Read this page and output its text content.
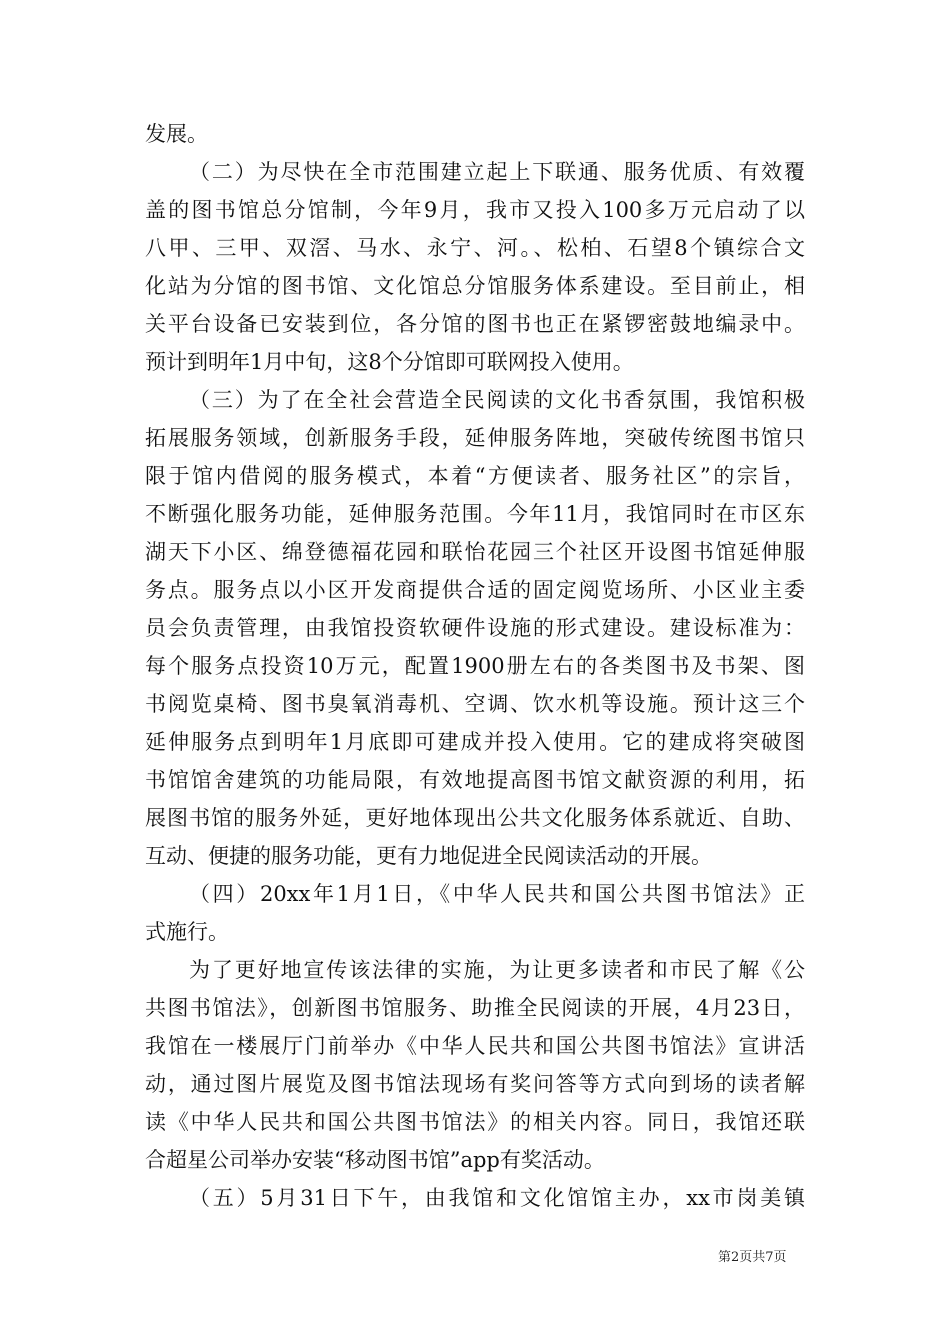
发展。
（二）为尽快在全市范围建立起上下联通、服务优质、有效覆
盖的图书馆总分馆制，今年9月，我市又投入100多万元启动了以
八甲、三甲、双滘、马水、永宁、河。、松柏、石望8个镇综合文
化站为分馆的图书馆、文化馆总分馆服务体系建设。至目前止，相
关平台设备已安装到位，各分馆的图书也正在紧锣密鼓地编录中。
预计到明年1月中旬，这8个分馆即可联网投入使用。
（三）为了在全社会营造全民阅读的文化书香氛围，我馆积极
拓展服务领域，创新服务手段，延伸服务阵地，突破传统图书馆只
限于馆内借阅的服务模式，本着“方便读者、服务社区”的宗旨，
不断强化服务功能，延伸服务范围。今年11月，我馆同时在市区东
湖天下小区、绵登德福花园和联怡花园三个社区开设图书馆延伸服
务点。服务点以小区开发商提供合适的固定阅览场所、小区业主委
员会负责管理，由我馆投资软硬件设施的形式建设。建设标准为：
每个服务点投资10万元，配置1900册左右的各类图书及书架、图
书阅览桌椅、图书臭氧消毒机、空调、饮水机等设施。预计这三个
延伸服务点到明年1月底即可建成并投入使用。它的建成将突破图
书馆馆舍建筑的功能局限，有效地提高图书馆文献资源的利用，拓
展图书馆的服务外延，更好地体现出公共文化服务体系就近、自助、
互动、便捷的服务功能，更有力地促进全民阅读活动的开展。
（四）20xx年1月1日，《中华人民共和国公共图书馆法》正
式施行。
为了更好地宣传该法律的实施，为让更多读者和市民了解《公
共图书馆法》，创新图书馆服务、助推全民阅读的开展，4月23日，
我馆在一楼展厅门前举办《中华人民共和国公共图书馆法》宣讲活
动，通过图片展览及图书馆法现场有奖问答等方式向到场的读者解
读《中华人民共和国公共图书馆法》的相关内容。同日，我馆还联
合超星公司举办安装“移动图书馆”app有奖活动。
（五）5月31日下午，由我馆和文化馆馆主办，xx市岗美镇
第2页共7页
